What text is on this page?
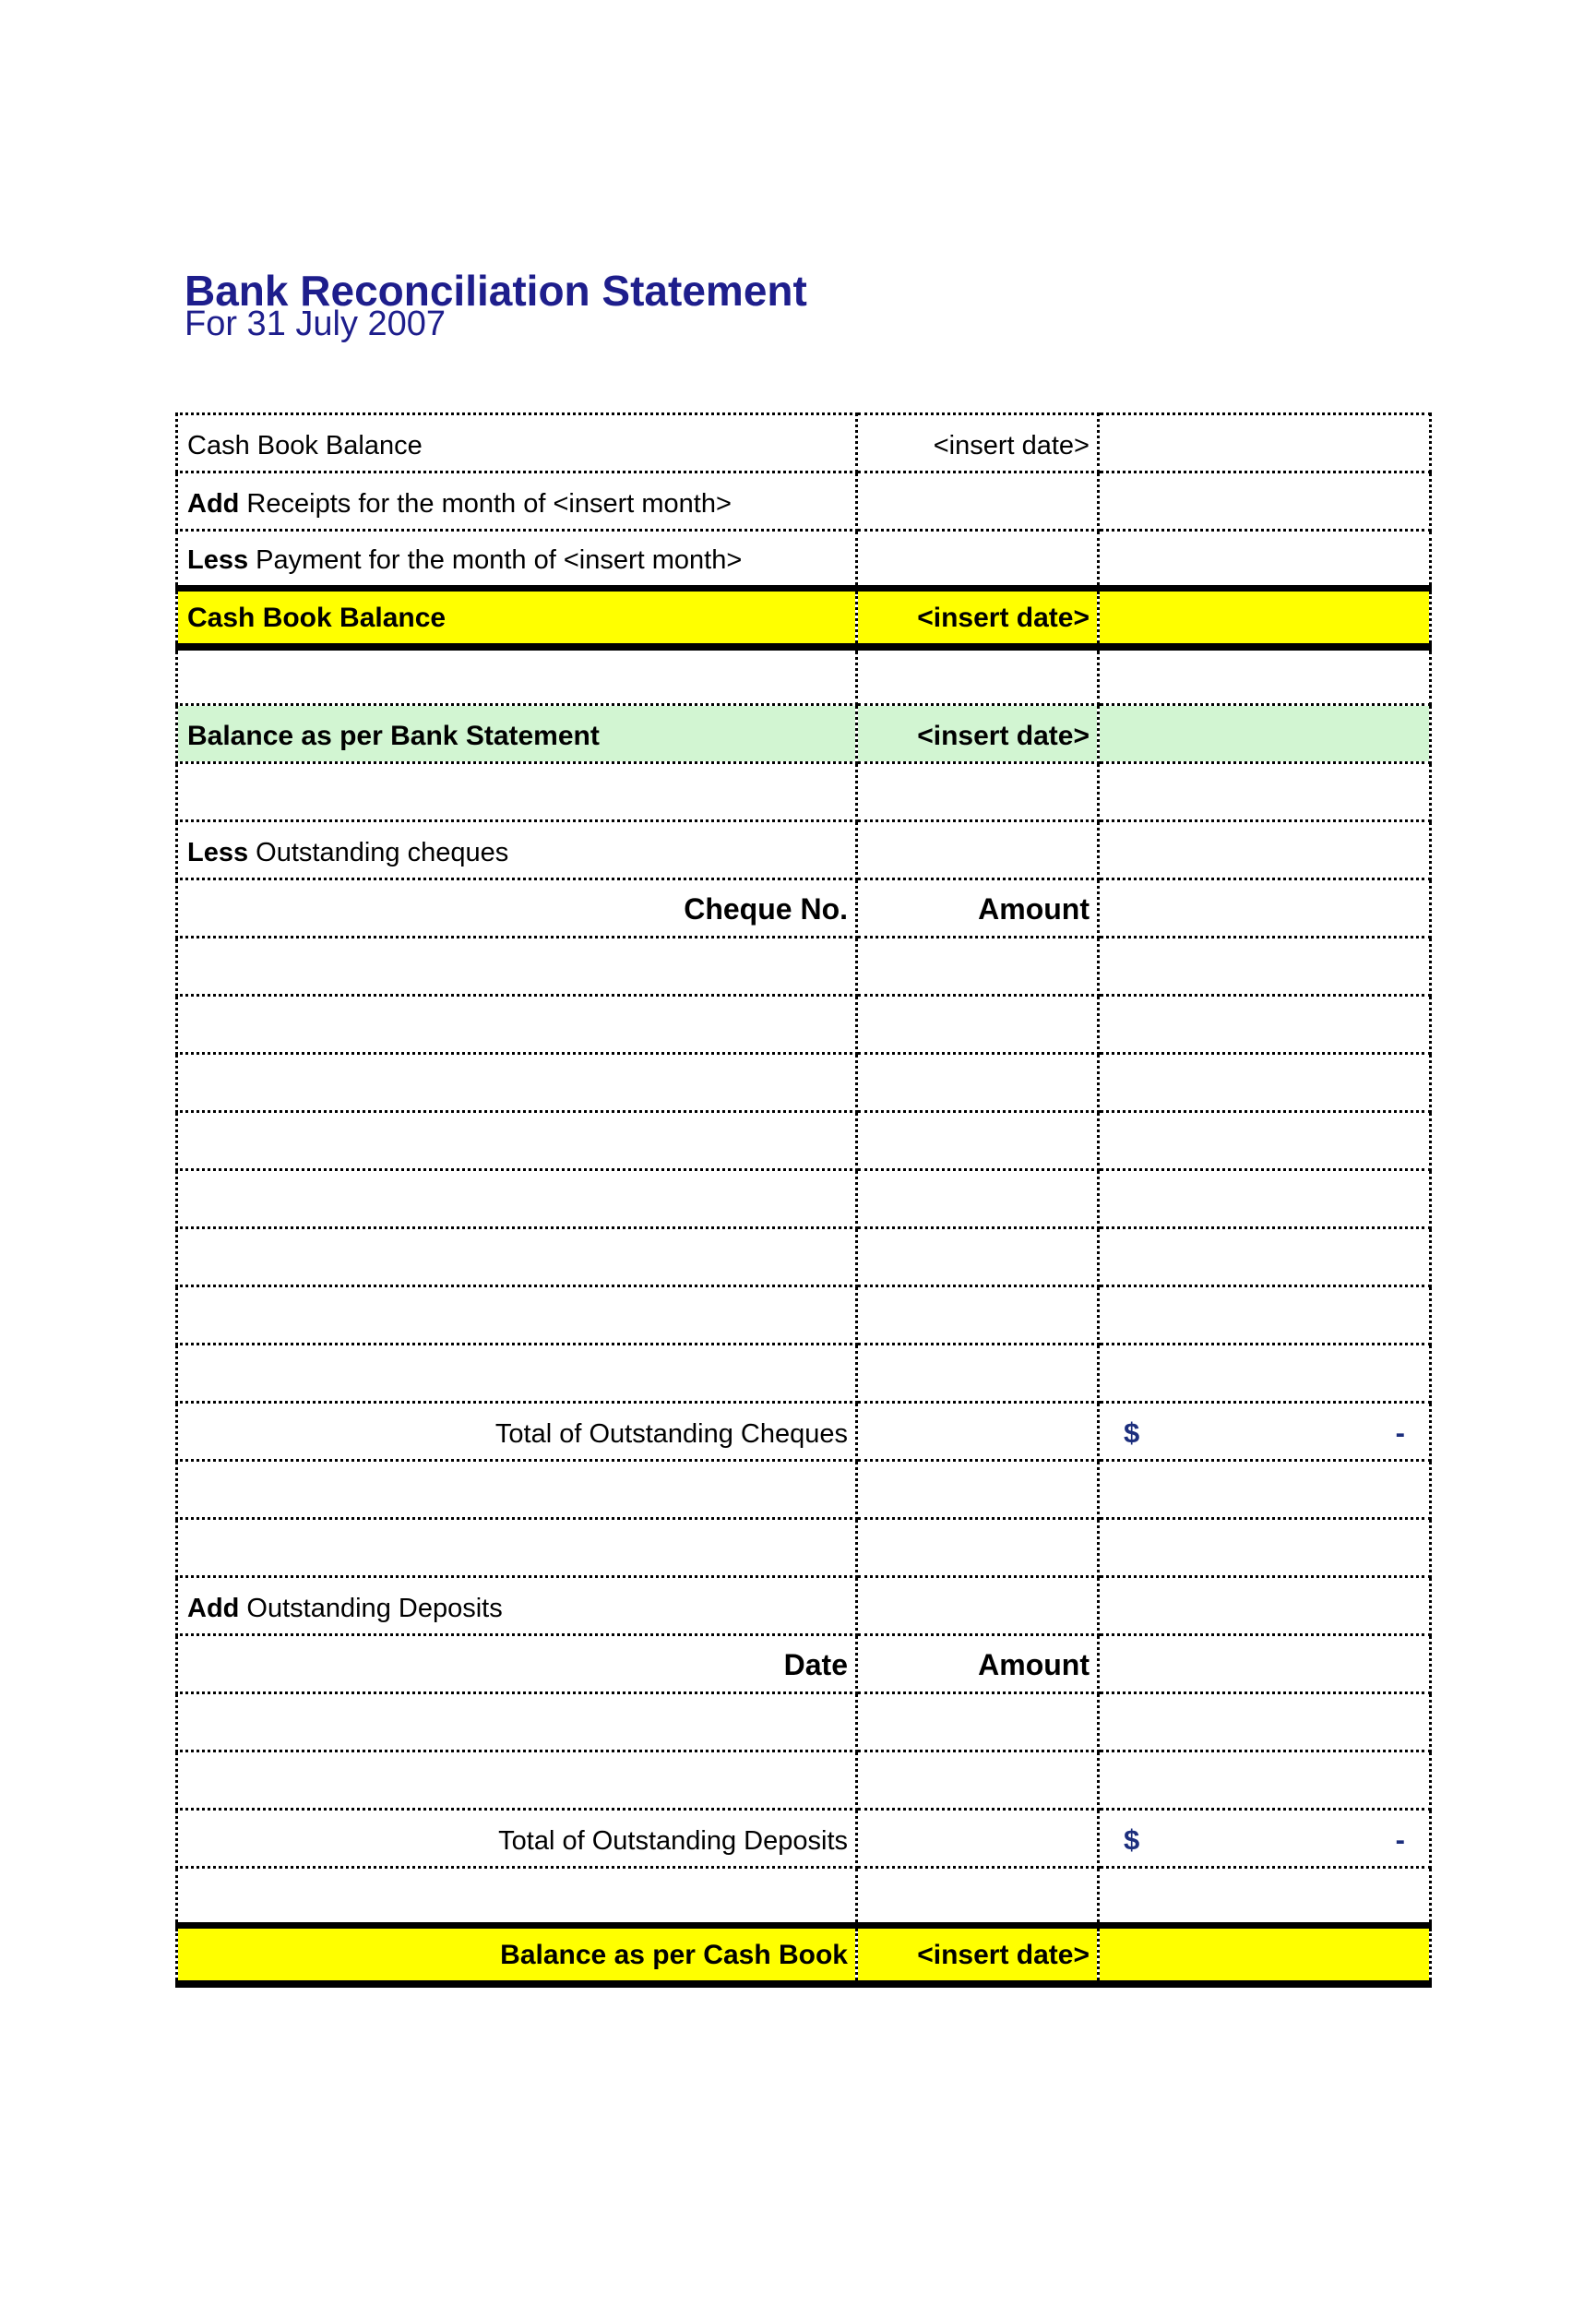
Bank Reconciliation Statement
For 31 July 2007
Cash Book Balance	<insert date>	
Add Receipts for the month of <insert month>		
Less Payment for the month of <insert month>		
Cash Book Balance	<insert date>	

Balance as per Bank Statement	<insert date>	

Less Outstanding cheques		
Cheque No.	Amount	

Total of Outstanding Cheques		$ -

Add Outstanding Deposits		
Date	Amount	

Total of Outstanding Deposits		$ -

Balance as per Cash Book	<insert date>	
